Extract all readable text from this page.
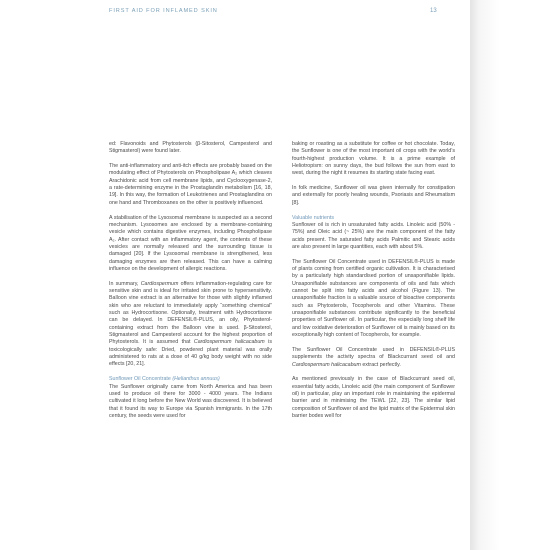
FIRST AID FOR INFLAMED SKIN	13

ed: Flavonoids and Phytosterols (β-Sitosterol, Campesterol and Stigmasterol) were found later.

The anti-inflammatory and anti-itch effects are probably based on the modulating effect of Phytosterols on Phospholipase A₂ which cleaves Arachidonic acid from cell membrane lipids, and Cyclooxygenase-2, a rate-determining enzyme in the Prostaglandin metabolism [16, 18, 19]. In this way, the formation of Leukotrienes and Prostaglandins on one hand and Thromboxanes on the other is positively influenced.

A stabilisation of the Lysosomal membrane is suspected as a second mechanism. Lysosomes are enclosed by a membrane-containing vesicle which contains digestive enzymes, including Phospholipase A₂. After contact with an inflammatory agent, the contents of these vesicles are normally released and the surrounding tissue is damaged [20]. If the Lysosomal membrane is strengthened, less damaging enzymes are then released. This can have a calming influence on the development of allergic reactions.

In summary, Cardiospermum offers inflammation-regulating care for sensitive skin and is ideal for irritated skin prone to hypersensitivity. Balloon vine extract is an alternative for those with slightly inflamed skin who are reluctant to immediately apply “something chemical” such as Hydrocortisone. Optionally, treatment with Hydrocortisone can be delayed. In DEFENSIL®-PLUS, an oily, Phytosterol-containing extract from the Balloon vine is used. β-Sitosterol, Stigmasterol and Campesterol account for the highest proportion of Phytosterols. It is assumed that Cardiospermum halicacabum is toxicologically safe: Dried, powdered plant material was orally administered to rats at a dose of 40 g/kg body weight with no side effects [20, 21].

Sunflower Oil Concentrate (Helianthus annuus)

The Sunflower originally came from North America and has been used to produce oil there for 3000 - 4000 years. The Indians cultivated it long before the New World was discovered. It is believed that it found its way to Europe via Spanish immigrants. In the 17th century, the seeds were used for

baking or roasting as a substitute for coffee or hot chocolate. Today, the Sunflower is one of the most important oil crops with the world’s fourth-highest production volume. It is a prime example of Heliotropism: on sunny days, the bud follows the sun from east to west, during the night it resumes its starting state facing east.

In folk medicine, Sunflower oil was given internally for constipation and externally for poorly healing wounds, Psoriasis and Rheumatism [8].

Valuable nutrients

Sunflower oil is rich in unsaturated fatty acids. Linoleic acid (50% - 75%) and Oleic acid (~ 25%) are the main component of the fatty acids present. The saturated fatty acids Palmitic and Stearic acids are also present in large quantities, each with about 5%.

The Sunflower Oil Concentrate used in DEFENSIL®-PLUS is made of plants coming from certified organic cultivation. It is characterised by a particularly high standardised portion of unsaponifiable lipids. Unsaponifiable substances are components of oils and fats which cannot be split into fatty acids and alcohol (Figure 13). The unsaponifiable fraction is a valuable source of bioactive components such as Phytosterols, Tocopherols and other Vitamins. These unsaponifiable substances contribute significantly to the beneficial properties of Sunflower oil. In particular, the especially long shelf life and low oxidative deterioration of Sunflower oil is mainly based on its exceptionally high content of Tocopherols, for example.

The Sunflower Oil Concentrate used in DEFENSIL®-PLUS supplements the activity spectra of Blackcurrant seed oil and Cardiospermum halicacabum extract perfectly.

As mentioned previously in the case of Blackcurrant seed oil, essential fatty acids, Linoleic acid (the main component of Sunflower oil) in particular, play an important role in maintaining the epidermal barrier and in minimising the TEWL [22, 23]. The similar lipid composition of Sunflower oil and the lipid matrix of the Epidermal skin barrier bodes well for
